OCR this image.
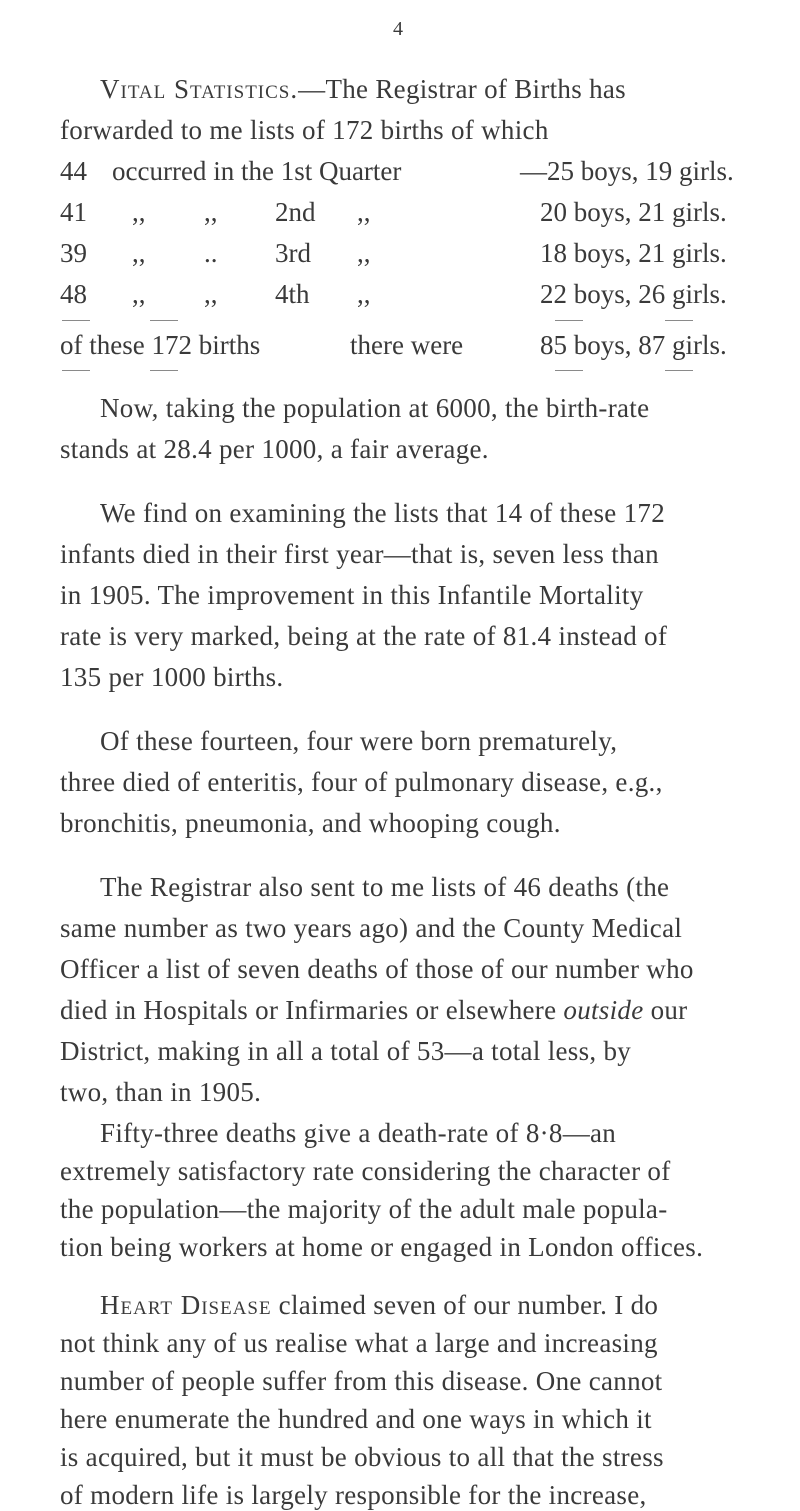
4
Vital Statistics.—The Registrar of Births has
forwarded to me lists of 172 births of which
44 occurred in the 1st Quarter	—25 boys, 19 girls.
41 ,, ,, 2nd ,,	20 boys, 21 girls.
39 ,, .. 3rd ,,	18 boys, 21 girls.
48 ,, ,, 4th ,,	22 boys, 26 girls.
of these 172 births	there were	85 boys, 87 girls.
Now, taking the population at 6000, the birth-rate
stands at 28.4 per 1000, a fair average.
We find on examining the lists that 14 of these 172
infants died in their first year—that is, seven less than
in 1905. The improvement in this Infantile Mortality
rate is very marked, being at the rate of 81.4 instead of
135 per 1000 births.
Of these fourteen, four were born prematurely,
three died of enteritis, four of pulmonary disease, e.g.,
bronchitis, pneumonia, and whooping cough.
The Registrar also sent to me lists of 46 deaths (the
same number as two years ago) and the County Medical
Officer a list of seven deaths of those of our number who
died in Hospitals or Infirmaries or elsewhere outside our
District, making in all a total of 53—a total less, by
two, than in 1905.
Fifty-three deaths give a death-rate of 8·8—an
extremely satisfactory rate considering the character of
the population—the majority of the adult male popula-
tion being workers at home or engaged in London offices.
Heart Disease claimed seven of our number. I do
not think any of us realise what a large and increasing
number of people suffer from this disease. One cannot
here enumerate the hundred and one ways in which it
is acquired, but it must be obvious to all that the stress
of modern life is largely responsible for the increase,
